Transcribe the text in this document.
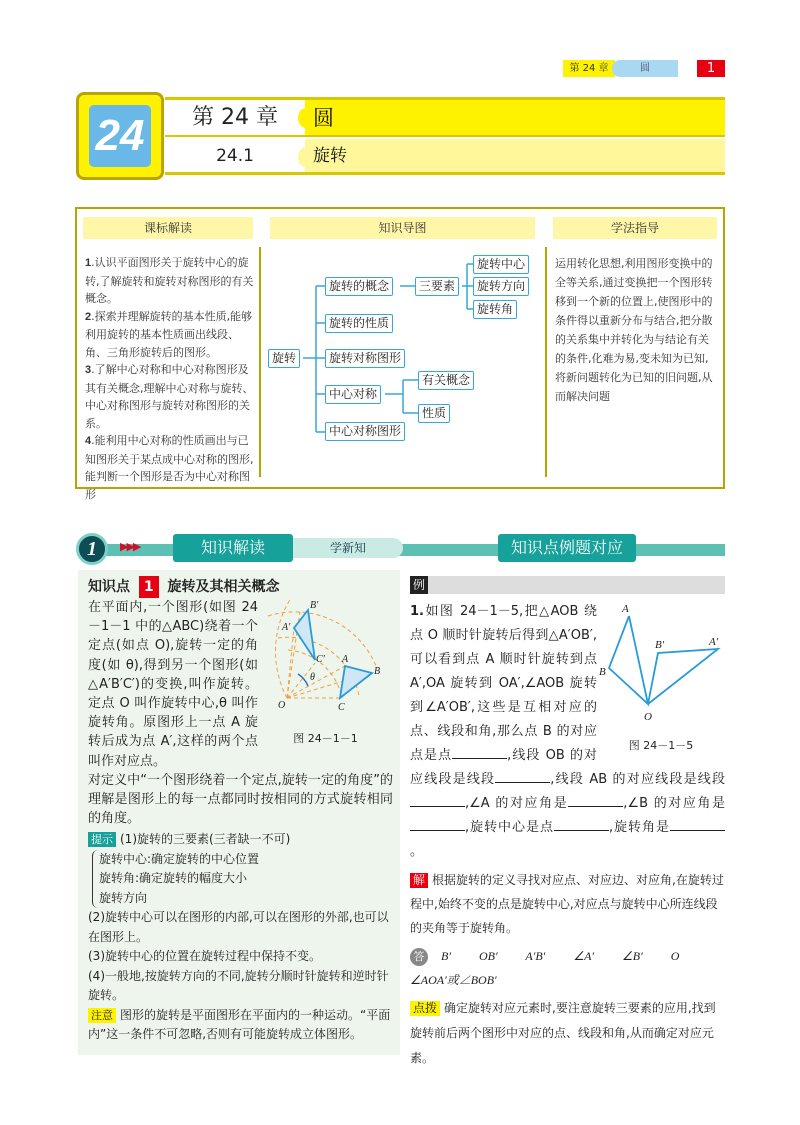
第 24 章	圆	1
24	第 24 章	圆
24.1	旋转
课标解读	知识导图	学法指导
1.认识平面图形关于旋转中心的旋转,了解旋转和旋转对称图形的有关概念。
2.探索并理解旋转的基本性质,能够利用旋转的基本性质画出线段、角、三角形旋转后的图形。
3.了解中心对称和中心对称图形及其有关概念,理解中心对称与旋转、中心对称图形与旋转对称图形的关系。
4.能利用中心对称的性质画出与已知图形关于某点成中心对称的图形,能判断一个图形是否为中心对称图形
运用转化思想,利用图形变换中的全等关系,通过变换把一个图形转移到一个新的位置上,使图形中的条件得以重新分布与结合,把分散的关系集中并转化为与结论有关的条件,化难为易,变未知为已知,将新问题转化为已知的旧问题,从而解决问题
旋转
旋转的概念	三要素
旋转中心
旋转方向
旋转角
旋转的性质
旋转对称图形
中心对称
有关概念
性质
中心对称图形
1	▶▶▶	知识解读	学新知	知识点例题对应
知识点 1 旋转及其相关概念
B′
A′
C′ A
B
C
O
θ
图 24－1－1
在平面内,一个图形(如图 24－1－1 中的△ABC)绕着一个定点(如点 O),旋转一定的角度(如 θ),得到另一个图形(如△A′B′C′)的变换,叫作旋转。定点 O 叫作旋转中心,θ 叫作旋转角。原图形上一点 A 旋转后成为点 A′,这样的两个点叫作对应点。
对定义中“一个图形绕着一个定点,旋转一定的角度”的理解是图形上的每一点都同时按相同的方式旋转相同的角度。
提示 (1)旋转的三要素(三者缺一不可)
旋转中心:确定旋转的中心位置
旋转角:确定旋转的幅度大小
旋转方向
(2)旋转中心可以在图形的内部,可以在图形的外部,也可以在图形上。
(3)旋转中心的位置在旋转过程中保持不变。
(4)一般地,按旋转方向的不同,旋转分顺时针旋转和逆时针旋转。
注意 图形的旋转是平面图形在平面内的一种运动。“平面内”这一条件不可忽略,否则有可能旋转成立体图形。
例
A
B
O
B′	A′
图 24－1－5
1.如图 24－1－5,把△AOB 绕点 O 顺时针旋转后得到△A′OB′,可以看到点 A 顺时针旋转到点 A′,OA 旋转到 OA′,∠AOB 旋转到∠A′OB′,这些是互相对应的点、线段和角,那么点 B 的对应点是点	,线段 OB 的对应线段是线段	,线段 AB 的对应线段是线段,∠A 的对应角是	,∠B 的对应角是,旋转中心是点	,旋转角是。
解 根据旋转的定义寻找对应点、对应边、对应角,在旋转过程中,始终不变的点是旋转中心,对应点与旋转中心所连线段的夹角等于旋转角。
答 B′ OB′ A′B′ ∠A′ ∠B′ O    ∠AOA′或∠BOB′
点拨 确定旋转对应元素时,要注意旋转三要素的应用,找到旋转前后两个图形中对应的点、线段和角,从而确定对应元素。
